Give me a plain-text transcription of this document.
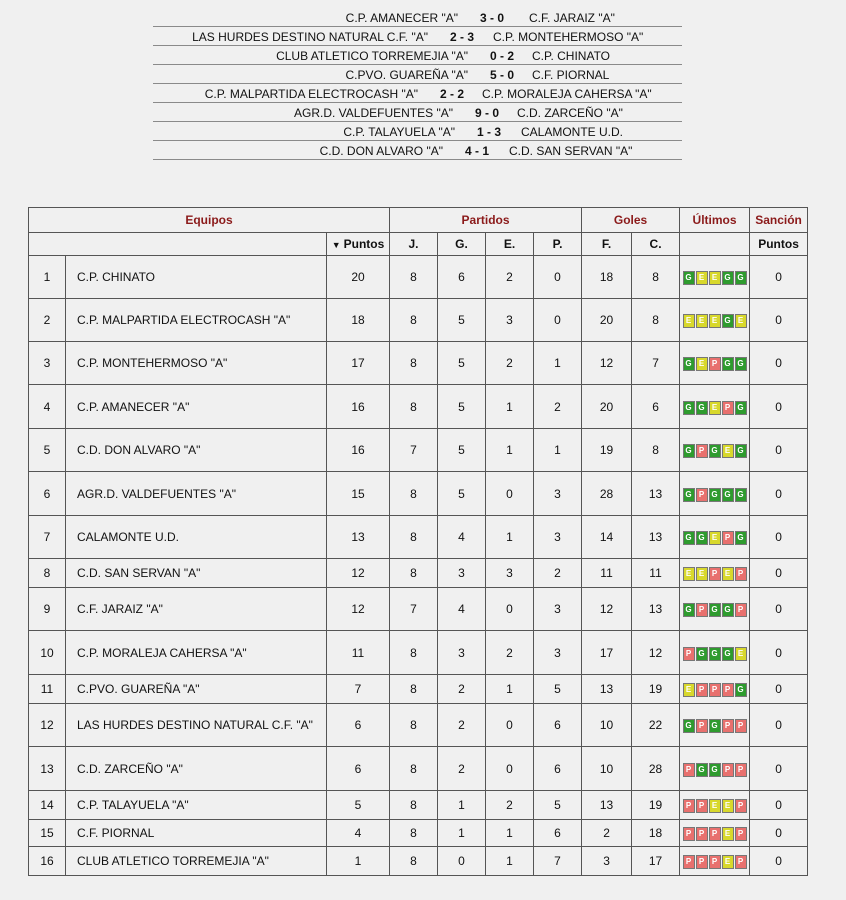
C.P. AMANECER "A" 3 - 0 C.F. JARAIZ "A"
LAS HURDES DESTINO NATURAL C.F. "A" 2 - 3 C.P. MONTEHERMOSO "A"
CLUB ATLETICO TORREMEJIA "A" 0 - 2 C.P. CHINATO
C.PVO. GUAREÑA "A" 5 - 0 C.F. PIORNAL
C.P. MALPARTIDA ELECTROCASH "A" 2 - 2 C.P. MORALEJA CAHERSA "A"
AGR.D. VALDEFUENTES "A" 9 - 0 C.D. ZARCEÑO "A"
C.P. TALAYUELA "A" 1 - 3 CALAMONTE U.D.
C.D. DON ALVARO "A" 4 - 1 C.D. SAN SERVAN "A"
Equipos			Partidos				Goles		Últimos	Sanción
		▼ Puntos	J.	G.	E.	P.	F.	C.		Puntos
1	C.P. CHINATO	20	8	6	2	0	18	8	G E E G G	0
2	C.P. MALPARTIDA ELECTROCASH "A"	18	8	5	3	0	20	8	E E E G E	0
3	C.P. MONTEHERMOSO "A"	17	8	5	2	1	12	7	G E P G G	0
4	C.P. AMANECER "A"	16	8	5	1	2	20	6	G G E P G	0
5	C.D. DON ALVARO "A"	16	7	5	1	1	19	8	G P G E G	0
6	AGR.D. VALDEFUENTES "A"	15	8	5	0	3	28	13	G P G G G	0
7	CALAMONTE U.D.	13	8	4	1	3	14	13	G G E P G	0
8	C.D. SAN SERVAN "A"	12	8	3	3	2	11	11	E E P E P	0
9	C.F. JARAIZ "A"	12	7	4	0	3	12	13	G P G G P	0
10	C.P. MORALEJA CAHERSA "A"	11	8	3	2	3	17	12	P G G G E	0
11	C.PVO. GUAREÑA "A"	7	8	2	1	5	13	19	E P P P G	0
12	LAS HURDES DESTINO NATURAL C.F. "A"	6	8	2	0	6	10	22	G P G P P	0
13	C.D. ZARCEÑO "A"	6	8	2	0	6	10	28	P G G P P	0
14	C.P. TALAYUELA "A"	5	8	1	2	5	13	19	P P E E P	0
15	C.F. PIORNAL	4	8	1	1	6	2	18	P P P E P	0
16	CLUB ATLETICO TORREMEJIA "A"	1	8	0	1	7	3	17	P P P E P	0
